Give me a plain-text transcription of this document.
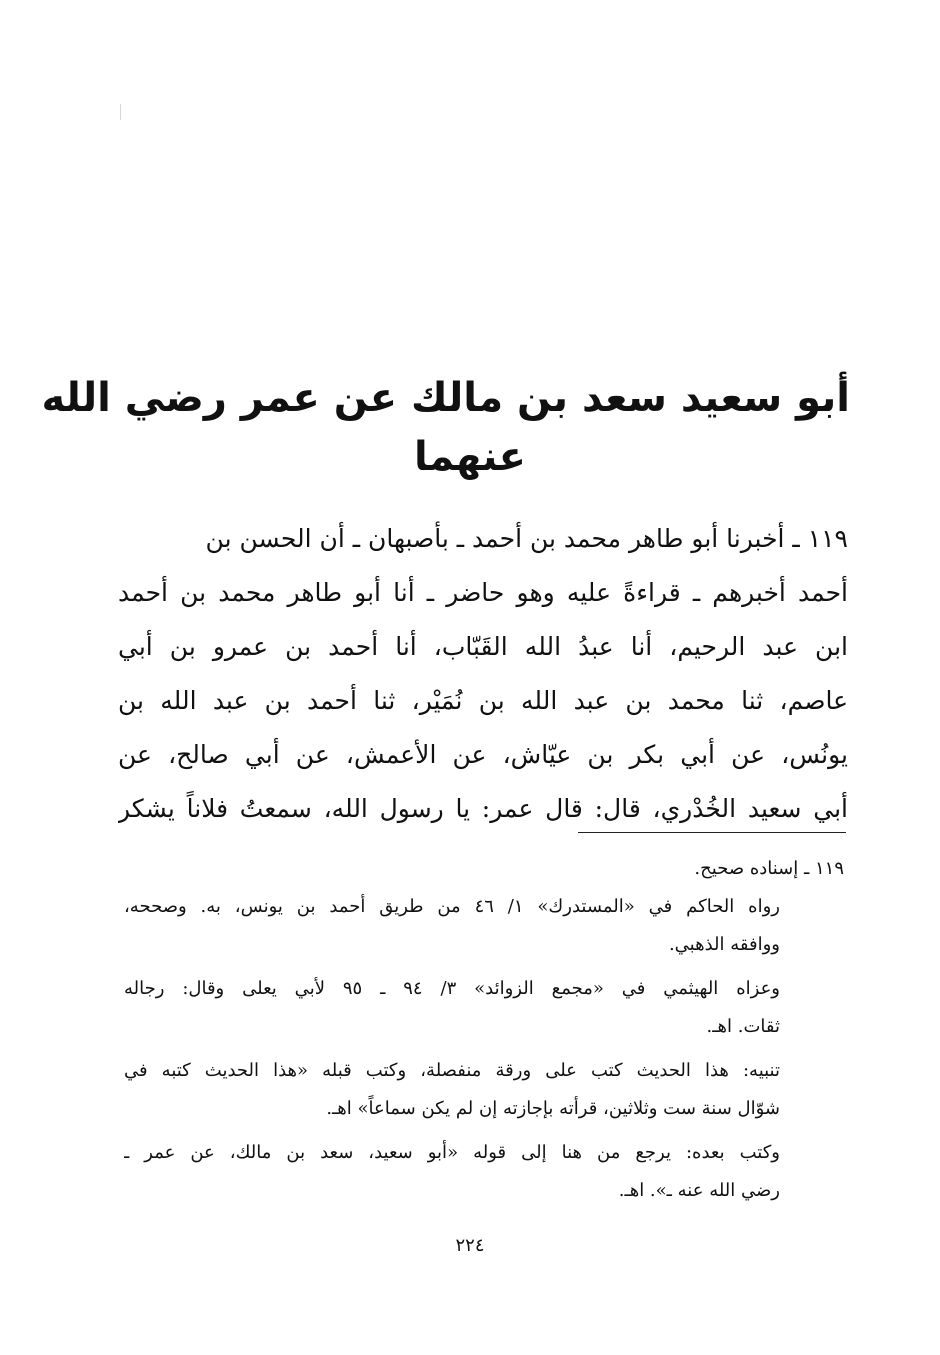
أبو سعيد سعد بن مالك عن عمر رضي الله
عنهما
١١٩ ـ أخبرنا أبو طاهر محمد بن أحمد ـ بأصبهان ـ أن الحسن بن
أحمد أخبرهم ـ قراءةً عليه وهو حاضر ـ أنا أبو طاهر محمد بن أحمد
ابن عبد الرحيم، أنا عبدُ الله القَبّاب، أنا أحمد بن عمرو بن أبي
عاصم، ثنا محمد بن عبد الله بن نُمَيْر، ثنا أحمد بن عبد الله بن
يونُس، عن أبي بكر بن عيّاش، عن الأعمش، عن أبي صالح، عن
أبي سعيد الخُدْري، قال: قال عمر: يا رسول الله، سمعتُ فلاناً يشكر
١١٩ ـ إسناده صحيح.
رواه الحاكم في «المستدرك» ١/ ٤٦ من طريق أحمد بن يونس، به. وصححه،
ووافقه الذهبي.
وعزاه الهيثمي في «مجمع الزوائد» ٣/ ٩٤ ـ ٩٥ لأبي يعلى وقال: رجاله
ثقات. اهـ.
تنبيه: هذا الحديث كتب على ورقة منفصلة، وكتب قبله «هذا الحديث كتبه في
شوّال سنة ست وثلاثين، قرأته بإجازته إن لم يكن سماعاً» اهـ.
وكتب بعده: يرجع من هنا إلى قوله «أبو سعيد، سعد بن مالك، عن عمر ـ
رضي الله عنه ـ». اهـ.
٢٢٤
